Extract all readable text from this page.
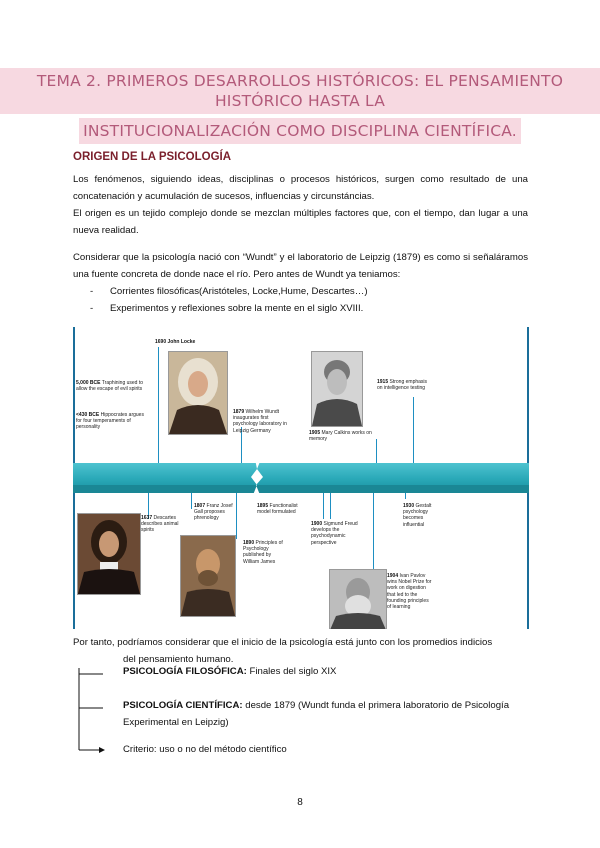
TEMA 2. PRIMEROS DESARROLLOS HISTÓRICOS: EL PENSAMIENTO HISTÓRICO HASTA LA
INSTITUCIONALIZACIÓN COMO DISCIPLINA CIENTÍFICA.
ORIGEN DE LA PSICOLOGÍA
Los fenómenos, siguiendo ideas, disciplinas o procesos históricos, surgen como resultado de una concatenación y acumulación de sucesos, influencias y circunstáncias.
El origen es un tejido complejo donde se mezclan múltiples factores que, con el tiempo, dan lugar a una nueva realidad.
Considerar que la psicología nació con “Wundt” y el laboratorio de Leipzig (1879) es como si señaláramos una fuente concreta de donde nace el río. Pero antes de Wundt ya teniamos:
- Corrientes filosóficas(Aristóteles, Locke,Hume, Descartes…)
- Experimentos y reflexiones sobre la mente en el siglo XVIII.
1690 John Locke
5,000 BCE Traphining used to allow the escape of evil spirits
<430 BCE Hippocrates argues for four temperaments of personality
1879 Wilhelm Wundt inaugurates first psychology laboratory in Leipzig Germany	1905 Mary Calkins works on memory
1915 Strong emphasis on intelligence testing
1637 Descartes describes animal spirits
1807 Franz Josef Gall proposes phrenology
1895 Functionalist model formulated
1900 Sigmund Freud develops the psychodynamic perspective
1890 Principles of Psychology published by William James
1930 Gestalt psychology becomes influential
1904 Ivan Pavlov wins Nobel Prize for work on digestion that led to the founding principles of learning
Por tanto, podríamos considerar que el inicio de la psicología está junto con los promedios indicios
del pensamiento humano.
PSICOLOGÍA FILOSÓFICA: Finales del siglo XIX
PSICOLOGÍA CIENTÍFICA: desde 1879 (Wundt funda el primera laboratorio de Psicología Experimental en Leipzig)
Criterio: uso o no del método científico
8
